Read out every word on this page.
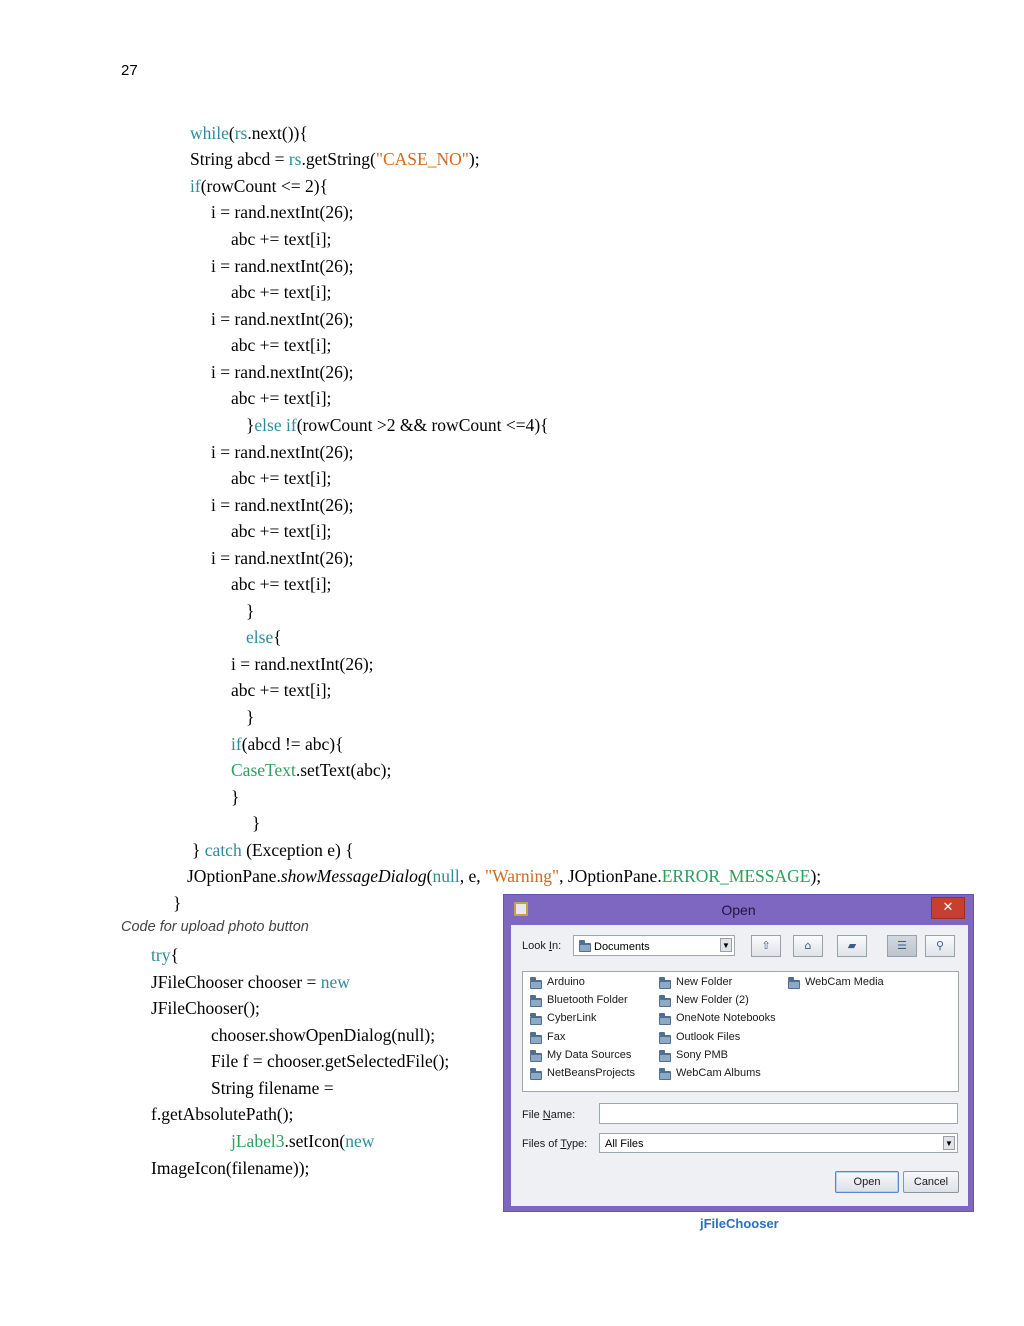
27
while(rs.next()){
String abcd = rs.getString("CASE_NO");
if(rowCount <= 2){
i = rand.nextInt(26);
abc += text[i];
i = rand.nextInt(26);
abc += text[i];
i = rand.nextInt(26);
abc += text[i];
i = rand.nextInt(26);
abc += text[i];
}else if(rowCount >2 && rowCount <=4){
i = rand.nextInt(26);
abc += text[i];
i = rand.nextInt(26);
abc += text[i];
i = rand.nextInt(26);
abc += text[i];
}
else{
i = rand.nextInt(26);
abc += text[i];
}
if(abcd != abc){
CaseText.setText(abc);
}
}
} catch (Exception e) {
JOptionPane.showMessageDialog(null, e, "Warning", JOptionPane.ERROR_MESSAGE);
}
try{
JFileChooser chooser = new
JFileChooser();
chooser.showOpenDialog(null);
File f = chooser.getSelectedFile();
String filename =
f.getAbsolutePath();
jLabel3.setIcon(new
ImageIcon(filename));
Code for upload photo button
Open	✕
Look In:	Documents	▼	⇧	⌂	▰	☰	⚲
Arduino
Bluetooth Folder
CyberLink
Fax
My Data Sources
NetBeansProjects
New Folder
New Folder (2)
OneNote Notebooks
Outlook Files
Sony PMB
WebCam Albums
WebCam Media
File Name:
Files of Type: All Files	▼
Open	Cancel
jFileChooser
